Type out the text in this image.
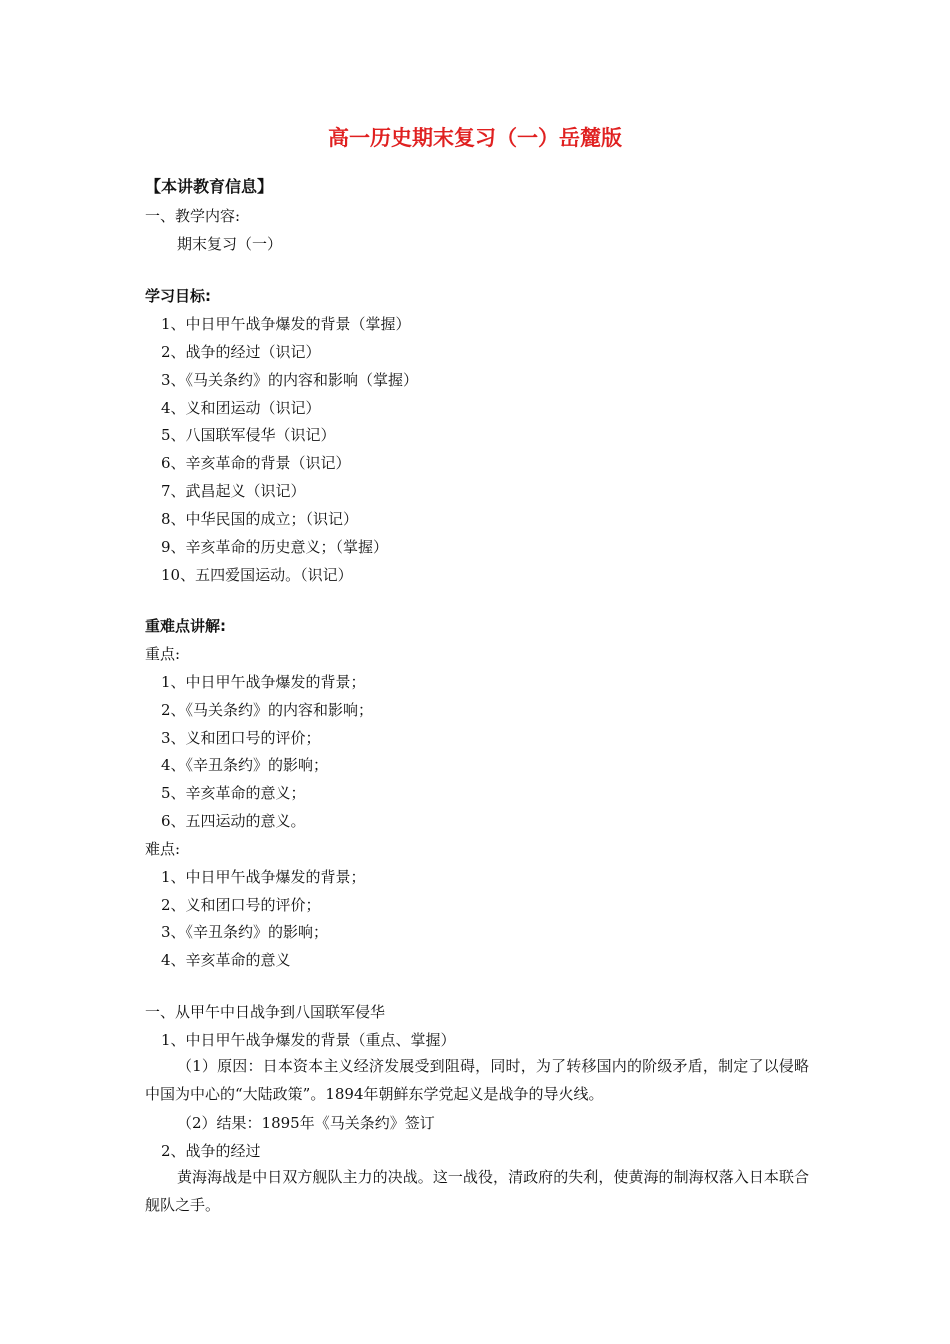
高一历史期末复习（一）岳麓版
【本讲教育信息】
一、教学内容:
期末复习（一）
学习目标:
1、中日甲午战争爆发的背景（掌握）
2、战争的经过（识记）
3、《马关条约》的内容和影响（掌握）
4、义和团运动（识记）
5、八国联军侵华（识记）
6、辛亥革命的背景（识记）
7、武昌起义（识记）
8、中华民国的成立；（识记）
9、辛亥革命的历史意义；（掌握）
10、五四爱国运动。（识记）
重难点讲解:
重点:
1、中日甲午战争爆发的背景；
2、《马关条约》的内容和影响；
3、义和团口号的评价；
4、《辛丑条约》的影响；
5、辛亥革命的意义；
6、五四运动的意义。
难点:
1、中日甲午战争爆发的背景；
2、义和团口号的评价；
3、《辛丑条约》的影响；
4、辛亥革命的意义
一、从甲午中日战争到八国联军侵华
1、中日甲午战争爆发的背景（重点、掌握）
（1）原因：日本资本主义经济发展受到阻碍，同时，为了转移国内的阶级矛盾，制定了以侵略中国为中心的“大陆政策”。1894年朝鲜东学党起义是战争的导火线。
（2）结果：1895年《马关条约》签订
2、战争的经过
黄海海战是中日双方舰队主力的决战。这一战役，清政府的失利，使黄海的制海权落入日本联合舰队之手。
